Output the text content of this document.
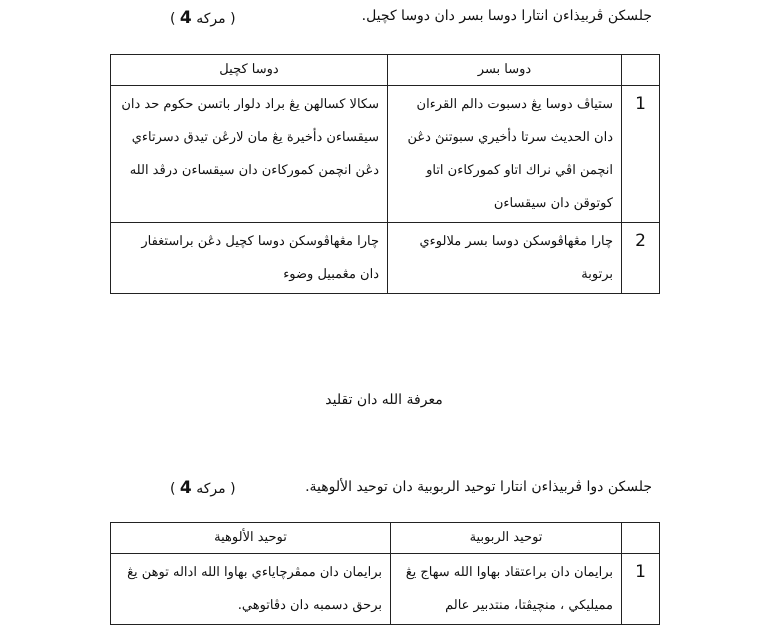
جلسكن ڤربيذاءن انتارا دوسا بسر دان دوسا كچيل.
( 4 مركه )
	دوسا بسر	دوسا كچيل
1	ستياڤ دوسا يڠ دسبوت دالم القرءان دان الحديث سرتا دأخيري سبوتنڽ دڠن انچمن اڤي نراك اتاو كموركاءن اتاو كوتوقن دان سيقساءن	سكالا كسالهن يڠ براد دلوار باتسن حكوم حد دان سيقساءن دأخيرة يڠ مان لارڠن تيدق دسرتاءي دڠن انچمن كموركاءن دان سيقساءن درڤد الله
2	چارا مڠهاڤوسكن دوسا بسر ملالوءي برتوبة	چارا مڠهاڤوسكن دوسا كچيل دڠن براستغفار دان مڠمبيل وضوء
معرفة الله دان تقليد
جلسكن دوا ڤربيذاءن انتارا توحيد الربوبية دان توحيد الألوهية.
( 4 مركه )
	توحيد الربوبية	توحيد الألوهية
1	برايمان دان براعتقاد بهاوا الله سهاج يڠ مميليكي ، منچيڤتا، منتدبير عالم	برايمان دان ممڤرچاياءي بهاوا الله اداله توهن يڠ برحق دسمبه دان دڤاتوهي.
